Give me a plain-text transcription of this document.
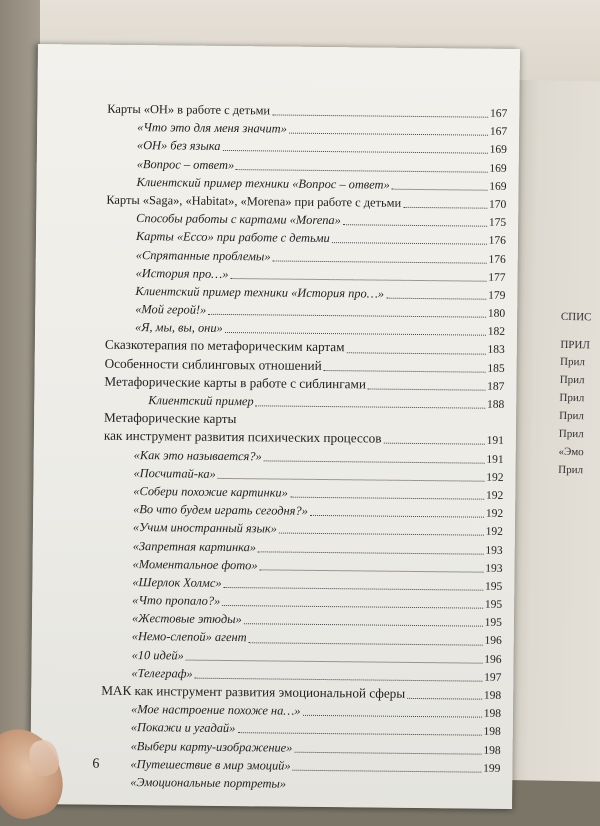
СПИС
ПРИЛ
Прил
Прил
Прил
Прил
Прил
«Эмо
Прил
Карты «ОН» в работе с детьми	167
«Что это для меня значит»	167
«ОН» без языка	169
«Вопрос – ответ»	169
Клиентский пример техники «Вопрос – ответ»	169
Карты «Saga», «Habitat», «Morena» при работе с детьми	170
Способы работы с картами «Morena»	175
Карты «Ессо» при работе с детьми	176
«Спрятанные проблемы»	176
«История про…»	177
Клиентский пример техники «История про…»	179
«Мой герой!»	180
«Я, мы, вы, они»	182
Сказкотерапия по метафорическим картам	183
Особенности сиблинговых отношений	185
Метафорические карты в работе с сиблингами	187
Клиентский пример	188
Метафорические карты
как инструмент развития психических процессов	191
«Как это называется?»	191
«Посчитай-ка»	192
«Собери похожие картинки»	192
«Во что будем играть сегодня?»	192
«Учим иностранный язык»	192
«Запретная картинка»	193
«Моментальное фото»	193
«Шерлок Холмс»	195
«Что пропало?»	195
«Жестовые этюды»	195
«Немо-слепой» агент	196
«10 идей»	196
«Телеграф»	197
МАК как инструмент развития эмоциональной сферы	198
«Мое настроение похоже на…»	198
«Покажи и угадай»	198
«Выбери карту-изображение»	198
«Путешествие в мир эмоций»	199
«Эмоциональные портреты»
6
